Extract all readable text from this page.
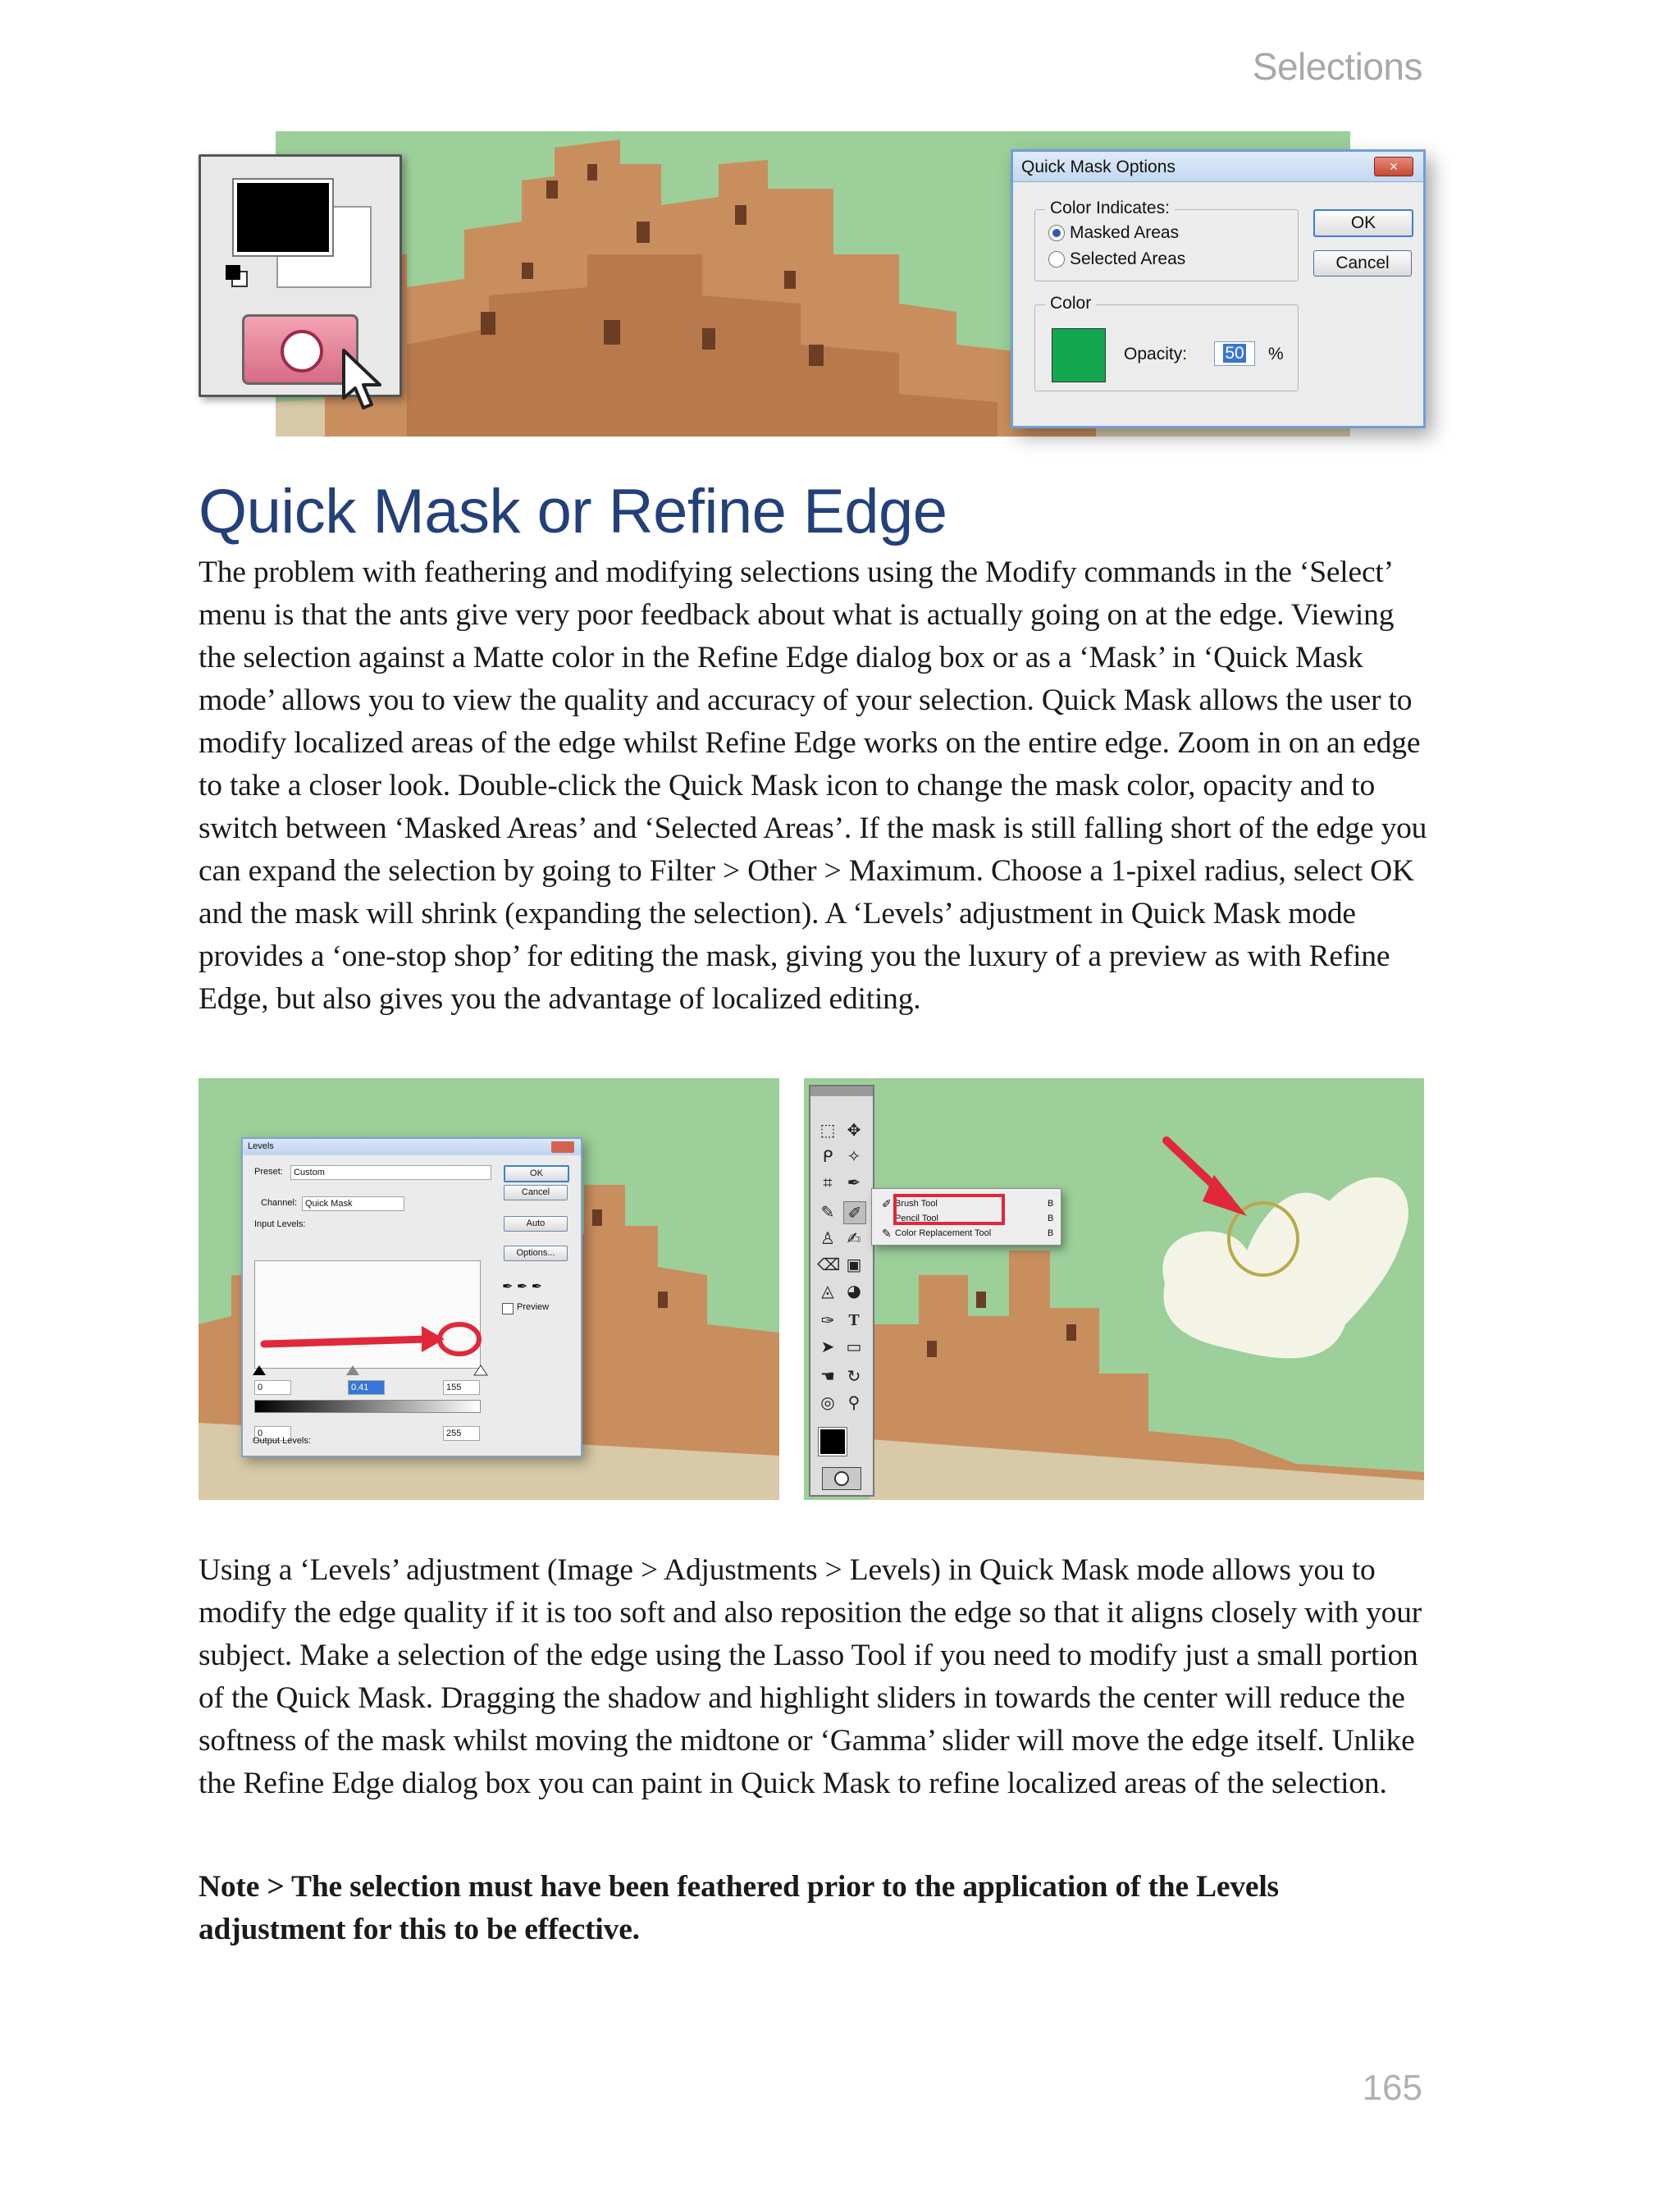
Selections
165
Quick Mask Options	×
Color Indicates:
Masked Areas
Selected Areas
Color
Opacity:	50	%
OK
Cancel
Quick Mask or Refine Edge
The problem with feathering and modifying selections using the Modify commands in the ‘Select’ menu is that the ants give very poor feedback about what is actually going on at the edge. Viewing the selection against a Matte color in the Refine Edge dialog box or as a ‘Mask’ in ‘Quick Mask mode’ allows you to view the quality and accuracy of your selection. Quick Mask allows the user to modify localized areas of the edge whilst Refine Edge works on the entire edge. Zoom in on an edge to take a closer look. Double-click the Quick Mask icon to change the mask color, opacity and to switch between ‘Masked Areas’ and ‘Selected Areas’. If the mask is still falling short of the edge you can expand the selection by going to Filter > Other > Maximum. Choose a 1-pixel radius, select OK and the mask will shrink (expanding the selection). A ‘Levels’ adjustment in Quick Mask mode provides a ‘one-stop shop’ for editing the mask, giving you the luxury of a preview as with Refine Edge, but also gives you the advantage of localized editing.
Levels
Preset:	Custom
Channel: Quick Mask
Input Levels:
0	0.41	155
0	255
OK
Cancel
Auto
Options...
✒ ✒ ✒
Preview
Output Levels:
⬚ ✥
ᑭ ✧
⌗ ✒
✎ ✐
♙ ✍
⌫ ▣
◬ ◕
✑ T
➤ ▭
☚ ↻
◎ ⚲
✐ Brush Tool	B
Pencil Tool	B
✎ Color Replacement Tool	B
Using a ‘Levels’ adjustment (Image > Adjustments > Levels) in Quick Mask mode allows you to modify the edge quality if it is too soft and also reposition the edge so that it aligns closely with your subject. Make a selection of the edge using the Lasso Tool if you need to modify just a small portion of the Quick Mask. Dragging the shadow and highlight sliders in towards the center will reduce the softness of the mask whilst moving the midtone or ‘Gamma’ slider will move the edge itself. Unlike the Refine Edge dialog box you can paint in Quick Mask to refine localized areas of the selection.
Note > The selection must have been feathered prior to the application of the Levels adjustment for this to be effective.
